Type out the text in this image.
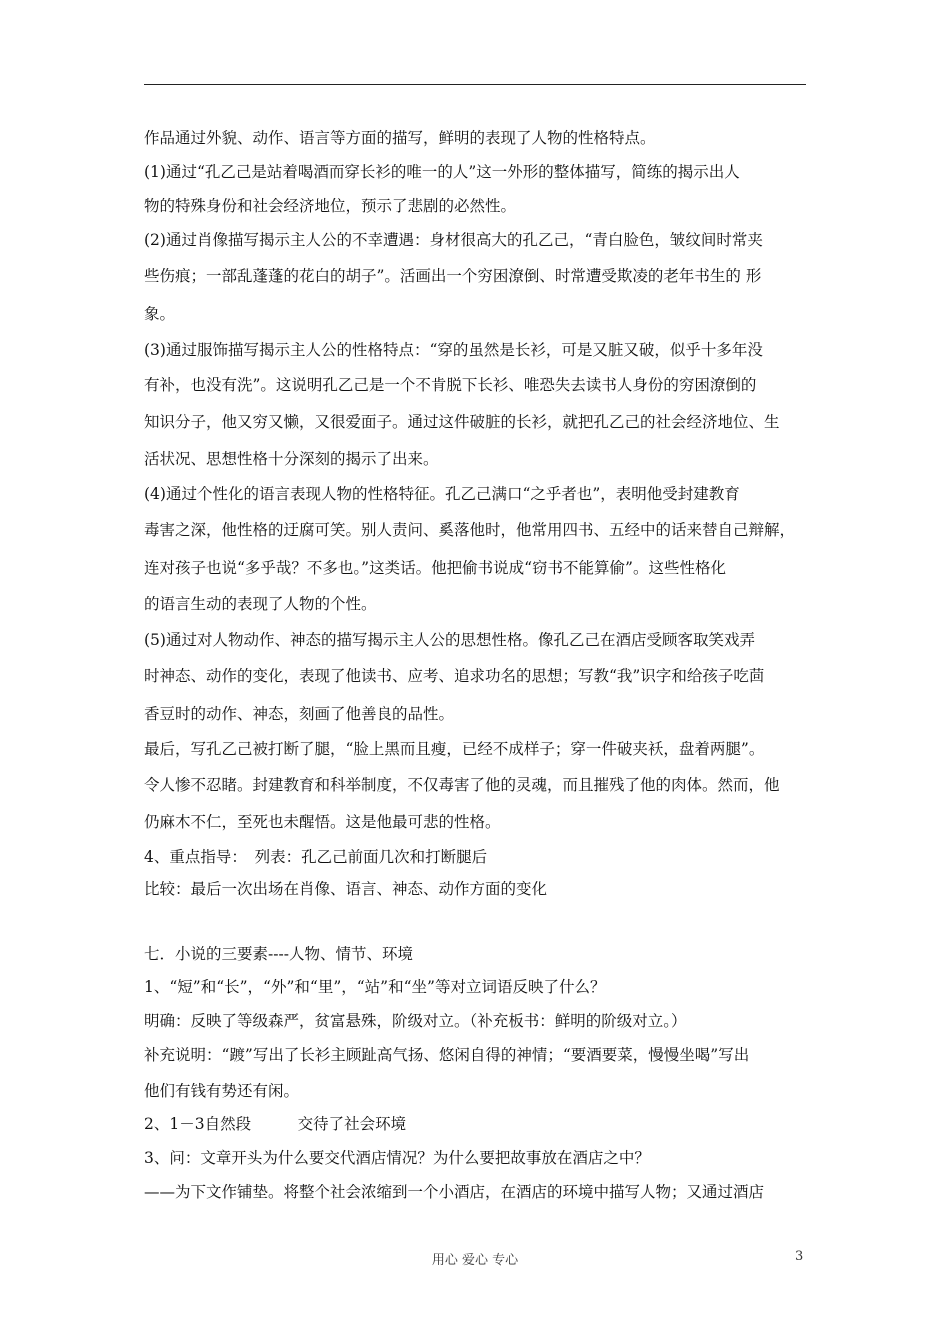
作品通过外貌、动作、语言等方面的描写，鲜明的表现了人物的性格特点。
(1)通过“孔乙己是站着喝酒而穿长衫的唯一的人”这一外形的整体描写，简练的揭示出人
物的特殊身份和社会经济地位，预示了悲剧的必然性。
(2)通过肖像描写揭示主人公的不幸遭遇：身材很高大的孔乙己，“青白脸色，皱纹间时常夹
些伤痕；一部乱蓬蓬的花白的胡子”。活画出一个穷困潦倒、时常遭受欺凌的老年书生的 形
象。
(3)通过服饰描写揭示主人公的性格特点：“穿的虽然是长衫，可是又脏又破，似乎十多年没
有补，也没有洗”。这说明孔乙己是一个不肯脱下长衫、唯恐失去读书人身份的穷困潦倒的
知识分子，他又穷又懒，又很爱面子。通过这件破脏的长衫，就把孔乙己的社会经济地位、生
活状况、思想性格十分深刻的揭示了出来。
(4)通过个性化的语言表现人物的性格特征。孔乙己满口“之乎者也”，表明他受封建教育
毒害之深，他性格的迂腐可笑。别人责问、奚落他时，他常用四书、五经中的话来替自己辩解，
连对孩子也说“多乎哉？不多也。”这类话。他把偷书说成“窃书不能算偷”。这些性格化
的语言生动的表现了人物的个性。
(5)通过对人物动作、神态的描写揭示主人公的思想性格。像孔乙己在酒店受顾客取笑戏弄
时神态、动作的变化，表现了他读书、应考、追求功名的思想；写教“我”识字和给孩子吃茴
香豆时的动作、神态，刻画了他善良的品性。
最后，写孔乙己被打断了腿，“脸上黑而且瘦，已经不成样子；穿一件破夹袄，盘着两腿”。
令人惨不忍睹。封建教育和科举制度，不仅毒害了他的灵魂，而且摧残了他的肉体。然而，他
仍麻木不仁，至死也未醒悟。这是他最可悲的性格。
4、重点指导：　列表：孔乙己前面几次和打断腿后
比较：最后一次出场在肖像、语言、神态、动作方面的变化
七．小说的三要素----人物、情节、环境
1、“短”和“长”，“外”和“里”，“站”和“坐”等对立词语反映了什么？
明确：反映了等级森严，贫富悬殊，阶级对立。（补充板书：鲜明的阶级对立。）
补充说明：“踱”写出了长衫主顾趾高气扬、悠闲自得的神情；“要酒要菜，慢慢坐喝”写出
他们有钱有势还有闲。
2、1－3自然段　　　交待了社会环境
3、问：文章开头为什么要交代酒店情况？为什么要把故事放在酒店之中？
——为下文作铺垫。将整个社会浓缩到一个小酒店，在酒店的环境中描写人物；又通过酒店
用心 爱心 专心	3
